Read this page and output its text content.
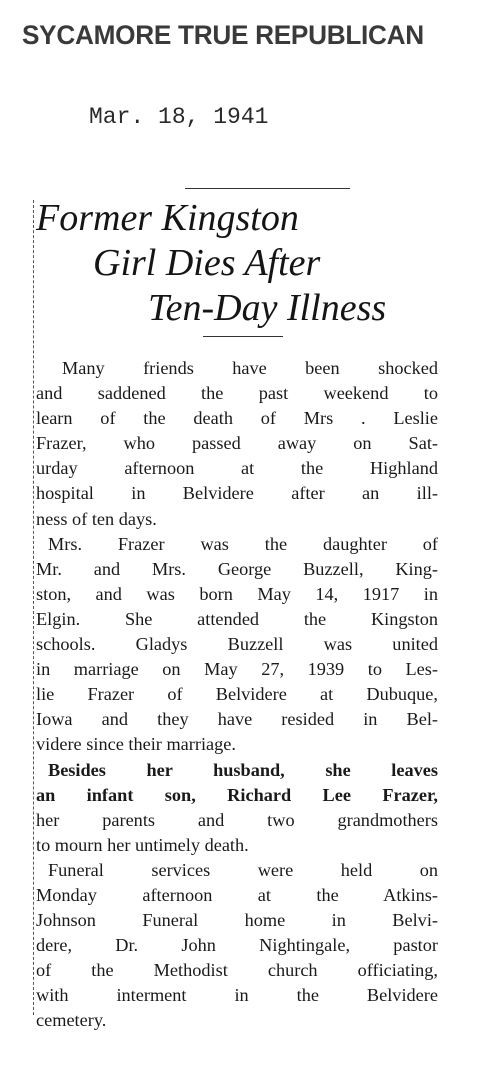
SYCAMORE TRUE REPUBLICAN
Mar. 18, 1941
Former Kingston
Girl Dies After
Ten-Day Illness
Many friends have been shocked
and saddened the past weekend to
learn of the death of Mrs . Leslie
Frazer, who passed away on Sat-
urday afternoon at the Highland
hospital in Belvidere after an ill-
ness of ten days.
Mrs. Frazer was the daughter of
Mr. and Mrs. George Buzzell, King-
ston, and was born May 14, 1917 in
Elgin. She attended the Kingston
schools. Gladys Buzzell was united
in marriage on May 27, 1939 to Les-
lie Frazer of Belvidere at Dubuque,
Iowa and they have resided in Bel-
videre since their marriage.
Besides her husband, she leaves
an infant son, Richard Lee Frazer,
her parents and two grandmothers
to mourn her untimely death.
Funeral services were held on
Monday afternoon at the Atkins-
Johnson Funeral home in Belvi-
dere, Dr. John Nightingale, pastor
of the Methodist church officiating,
with interment in the Belvidere
cemetery.
